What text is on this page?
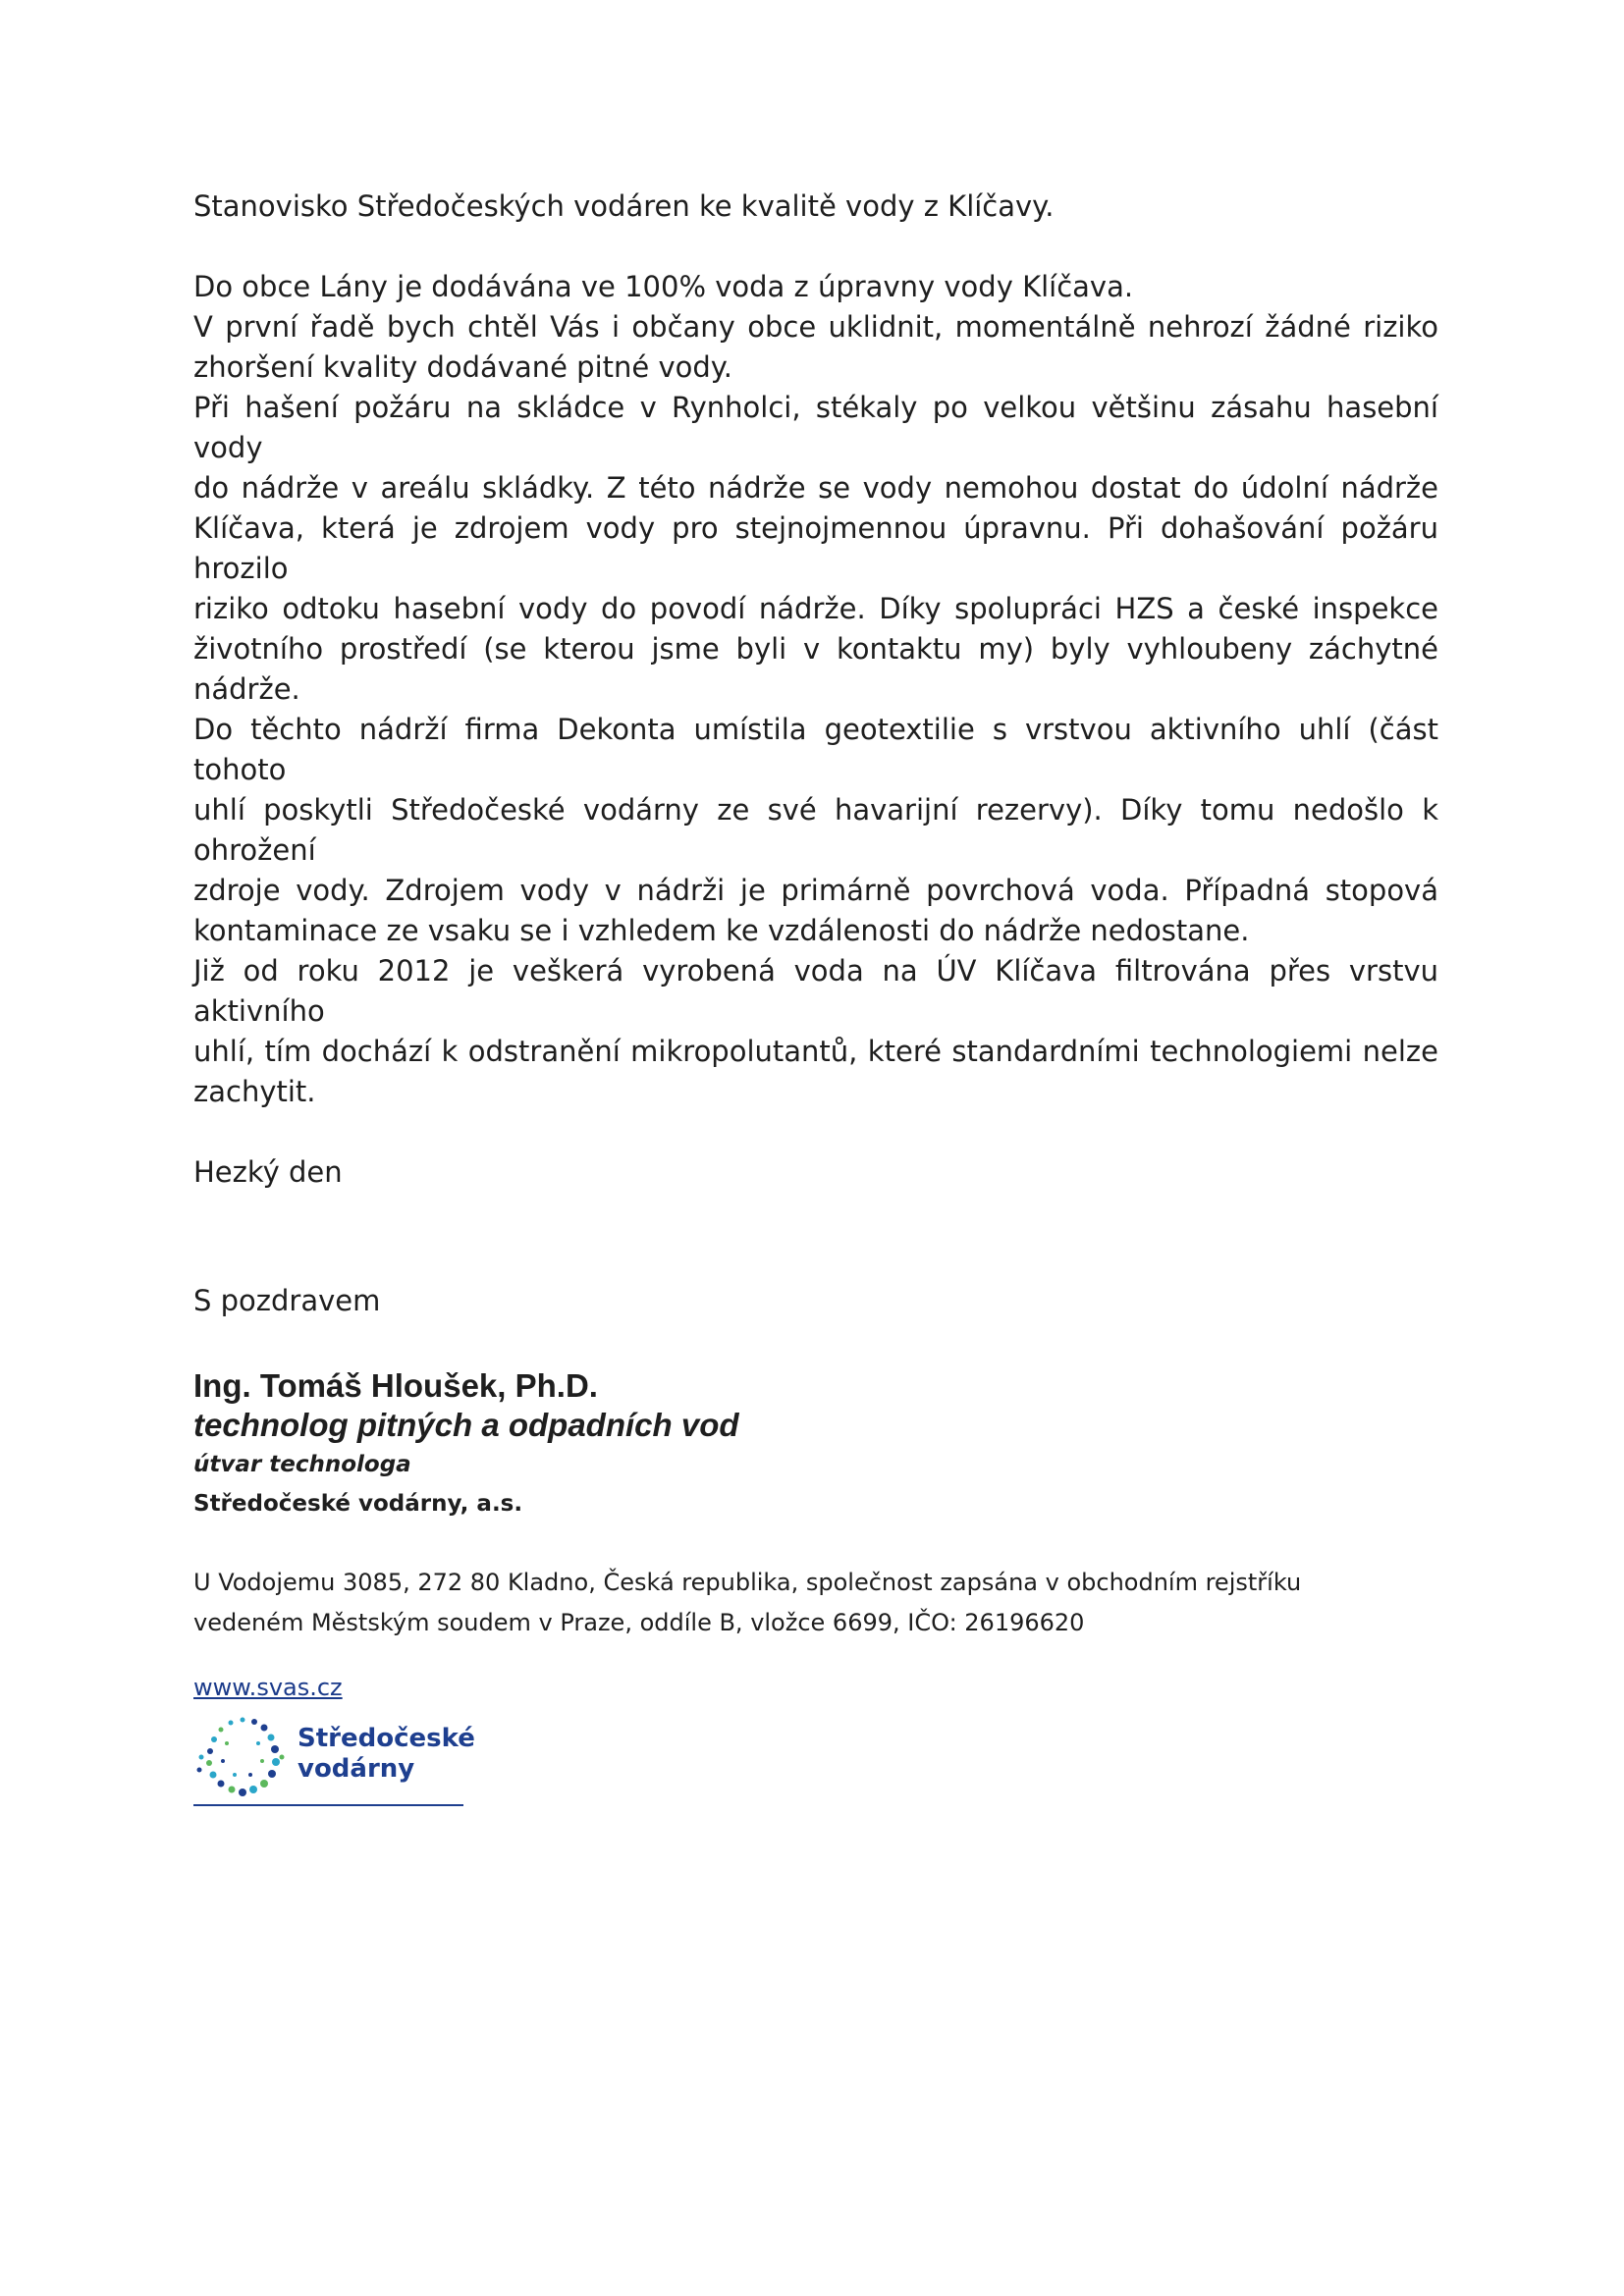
Stanovisko Středočeských vodáren ke kvalitě vody z Klíčavy.

Do obce Lány je dodávána ve 100% voda z úpravny vody Klíčava.

V první řadě bych chtěl Vás i občany obce uklidnit, momentálně nehrozí žádné riziko

zhoršení kvality dodávané pitné vody.

Při hašení požáru na skládce v Rynholci, stékaly po velkou většinu zásahu hasební vody

do nádrže v areálu skládky. Z této nádrže se vody nemohou dostat do údolní nádrže

Klíčava, která je zdrojem vody pro stejnojmennou úpravnu. Při dohašování požáru hrozilo

riziko odtoku hasební vody do povodí nádrže. Díky spolupráci HZS a české inspekce

životního prostředí (se kterou jsme byli v kontaktu my) byly vyhloubeny záchytné nádrže.

Do těchto nádrží firma Dekonta umístila geotextilie s vrstvou aktivního uhlí (část tohoto

uhlí poskytli Středočeské vodárny ze své havarijní rezervy). Díky tomu nedošlo k ohrožení

zdroje vody. Zdrojem vody v nádrži je primárně povrchová voda. Případná stopová

kontaminace ze vsaku se i vzhledem ke vzdálenosti do nádrže nedostane.

Již od roku 2012 je veškerá vyrobená voda na ÚV Klíčava filtrována přes vrstvu aktivního

uhlí, tím dochází k odstranění mikropolutantů, které standardními technologiemi nelze

zachytit.

Hezký den

S pozdravem

Ing. Tomáš Hloušek, Ph.D.

technolog pitných a odpadních vod

útvar technologa

Středočeské vodárny, a.s.

U Vodojemu 3085, 272 80 Kladno, Česká republika, společnost zapsána v obchodním rejstříku
vedeném Městským soudem v Praze, oddíle B, vložce 6699, IČO: 26196620
www.svas.cz
Středočeské
vodárny
